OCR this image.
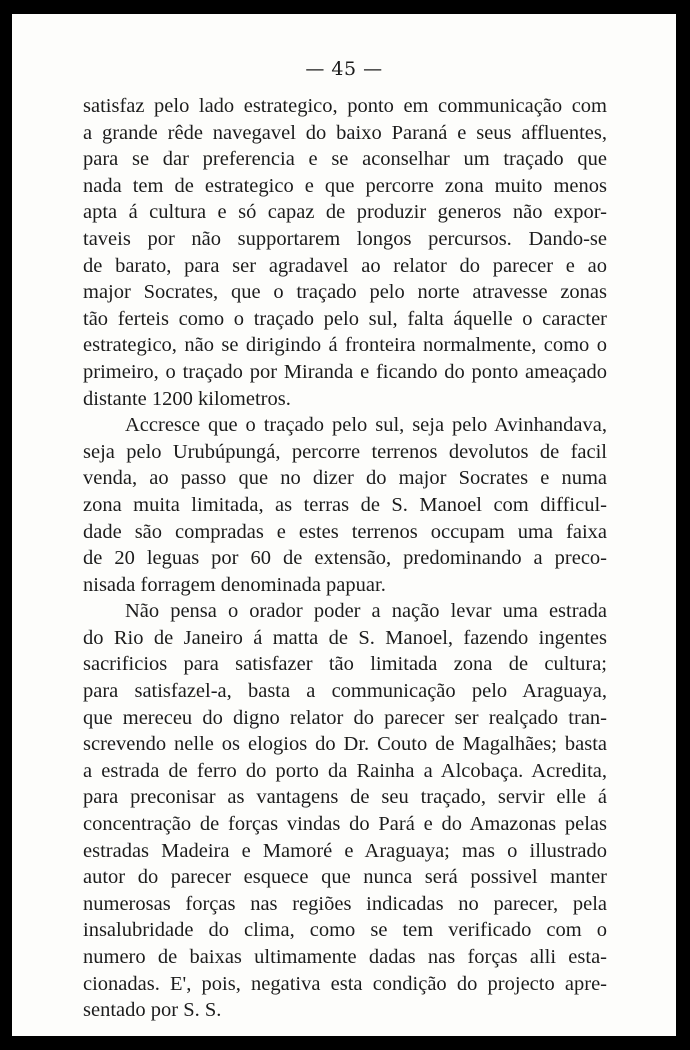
— 45 —
satisfaz pelo lado estrategico, ponto em communicação com
a grande rêde navegavel do baixo Paraná e seus affluentes,
para se dar preferencia e se aconselhar um traçado que
nada tem de estrategico e que percorre zona muito menos
apta á cultura e só capaz de produzir generos não expor-
taveis por não supportarem longos percursos. Dando-se
de barato, para ser agradavel ao relator do parecer e ao
major Socrates, que o traçado pelo norte atravesse zonas
tão ferteis como o traçado pelo sul, falta áquelle o caracter
estrategico, não se dirigindo á fronteira normalmente, como o
primeiro, o traçado por Miranda e ficando do ponto ameaçado
distante 1200 kilometros.
Accresce que o traçado pelo sul, seja pelo Avinhandava,
seja pelo Urubúpungá, percorre terrenos devolutos de facil
venda, ao passo que no dizer do major Socrates e numa
zona muita limitada, as terras de S. Manoel com difficul-
dade são compradas e estes terrenos occupam uma faixa
de 20 leguas por 60 de extensão, predominando a preco-
nisada forragem denominada papuar.
Não pensa o orador poder a nação levar uma estrada
do Rio de Janeiro á matta de S. Manoel, fazendo ingentes
sacrificios para satisfazer tão limitada zona de cultura;
para satisfazel-a, basta a communicação pelo Araguaya,
que mereceu do digno relator do parecer ser realçado tran-
screvendo nelle os elogios do Dr. Couto de Magalhães; basta
a estrada de ferro do porto da Rainha a Alcobaça. Acredita,
para preconisar as vantagens de seu traçado, servir elle á
concentração de forças vindas do Pará e do Amazonas pelas
estradas Madeira e Mamoré e Araguaya; mas o illustrado
autor do parecer esquece que nunca será possivel manter
numerosas forças nas regiões indicadas no parecer, pela
insalubridade do clima, como se tem verificado com o
numero de baixas ultimamente dadas nas forças alli esta-
cionadas. E', pois, negativa esta condição do projecto apre-
sentado por S. S.
